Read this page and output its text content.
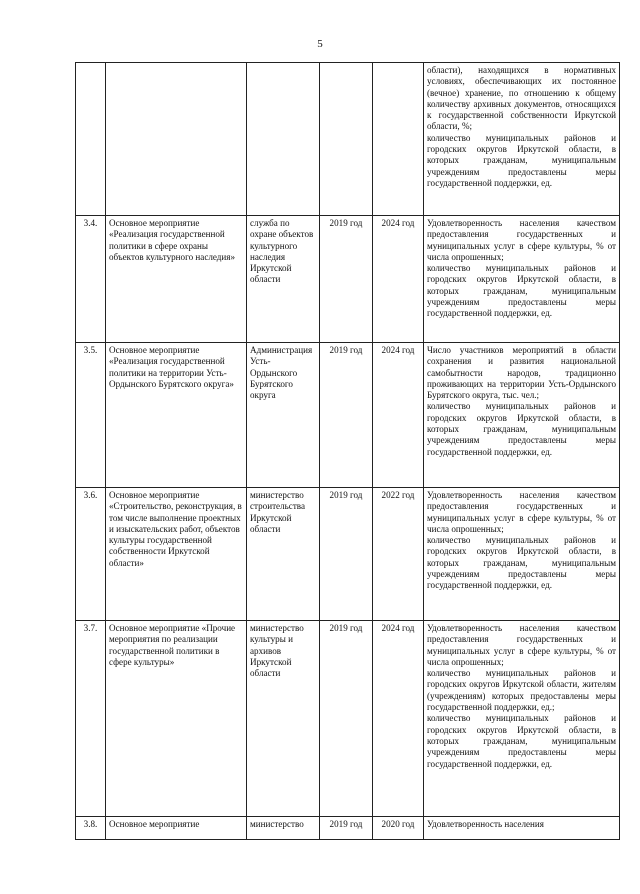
5
					области), находящихся в нормативных условиях, обеспечивающих их постоянное (вечное) хранение, по отношению к общему количеству архивных документов, относящихся к государственной собственности Иркутской области, %;
количество муниципальных районов и городских округов Иркутской области, в которых гражданам, муниципальным учреждениям предоставлены меры государственной поддержки, ед.
3.4.	Основное мероприятие «Реализация государственной политики в сфере охраны объектов культурного наследия»	служба по охране объектов культурного наследия Иркутской области	2019 год	2024 год	Удовлетворенность населения качеством предоставления государственных и муниципальных услуг в сфере культуры, % от числа опрошенных;
количество муниципальных районов и городских округов Иркутской области, в которых гражданам, муниципальным учреждениям предоставлены меры государственной поддержки, ед.
3.5.	Основное мероприятие «Реализация государственной политики на территории Усть-Ордынского Бурятского округа»	Администрация Усть-Ордынского Бурятского округа	2019 год	2024 год	Число участников мероприятий в области сохранения и развития национальной самобытности народов, традиционно проживающих на территории Усть-Ордынского Бурятского округа, тыс. чел.;
количество муниципальных районов и городских округов Иркутской области, в которых гражданам, муниципальным учреждениям предоставлены меры государственной поддержки, ед.
3.6.	Основное мероприятие «Строительство, реконструкция, в том числе выполнение проектных и изыскательских работ, объектов культуры государственной собственности Иркутской области»	министерство строительства Иркутской области	2019 год	2022 год	Удовлетворенность населения качеством предоставления государственных и муниципальных услуг в сфере культуры, % от числа опрошенных;
количество муниципальных районов и городских округов Иркутской области, в которых гражданам, муниципальным учреждениям предоставлены меры государственной поддержки, ед.
3.7.	Основное мероприятие «Прочие мероприятия по реализации государственной политики в сфере культуры»	министерство культуры и архивов Иркутской области	2019 год	2024 год	Удовлетворенность населения качеством предоставления государственных и муниципальных услуг в сфере культуры, % от числа опрошенных;
количество муниципальных районов и городских округов Иркутской области, жителям (учреждениям) которых предоставлены меры государственной поддержки, ед.;
количество муниципальных районов и городских округов Иркутской области, в которых гражданам, муниципальным учреждениям предоставлены меры государственной поддержки, ед.
3.8.	Основное мероприятие	министерство	2019 год	2020 год	Удовлетворенность населения
